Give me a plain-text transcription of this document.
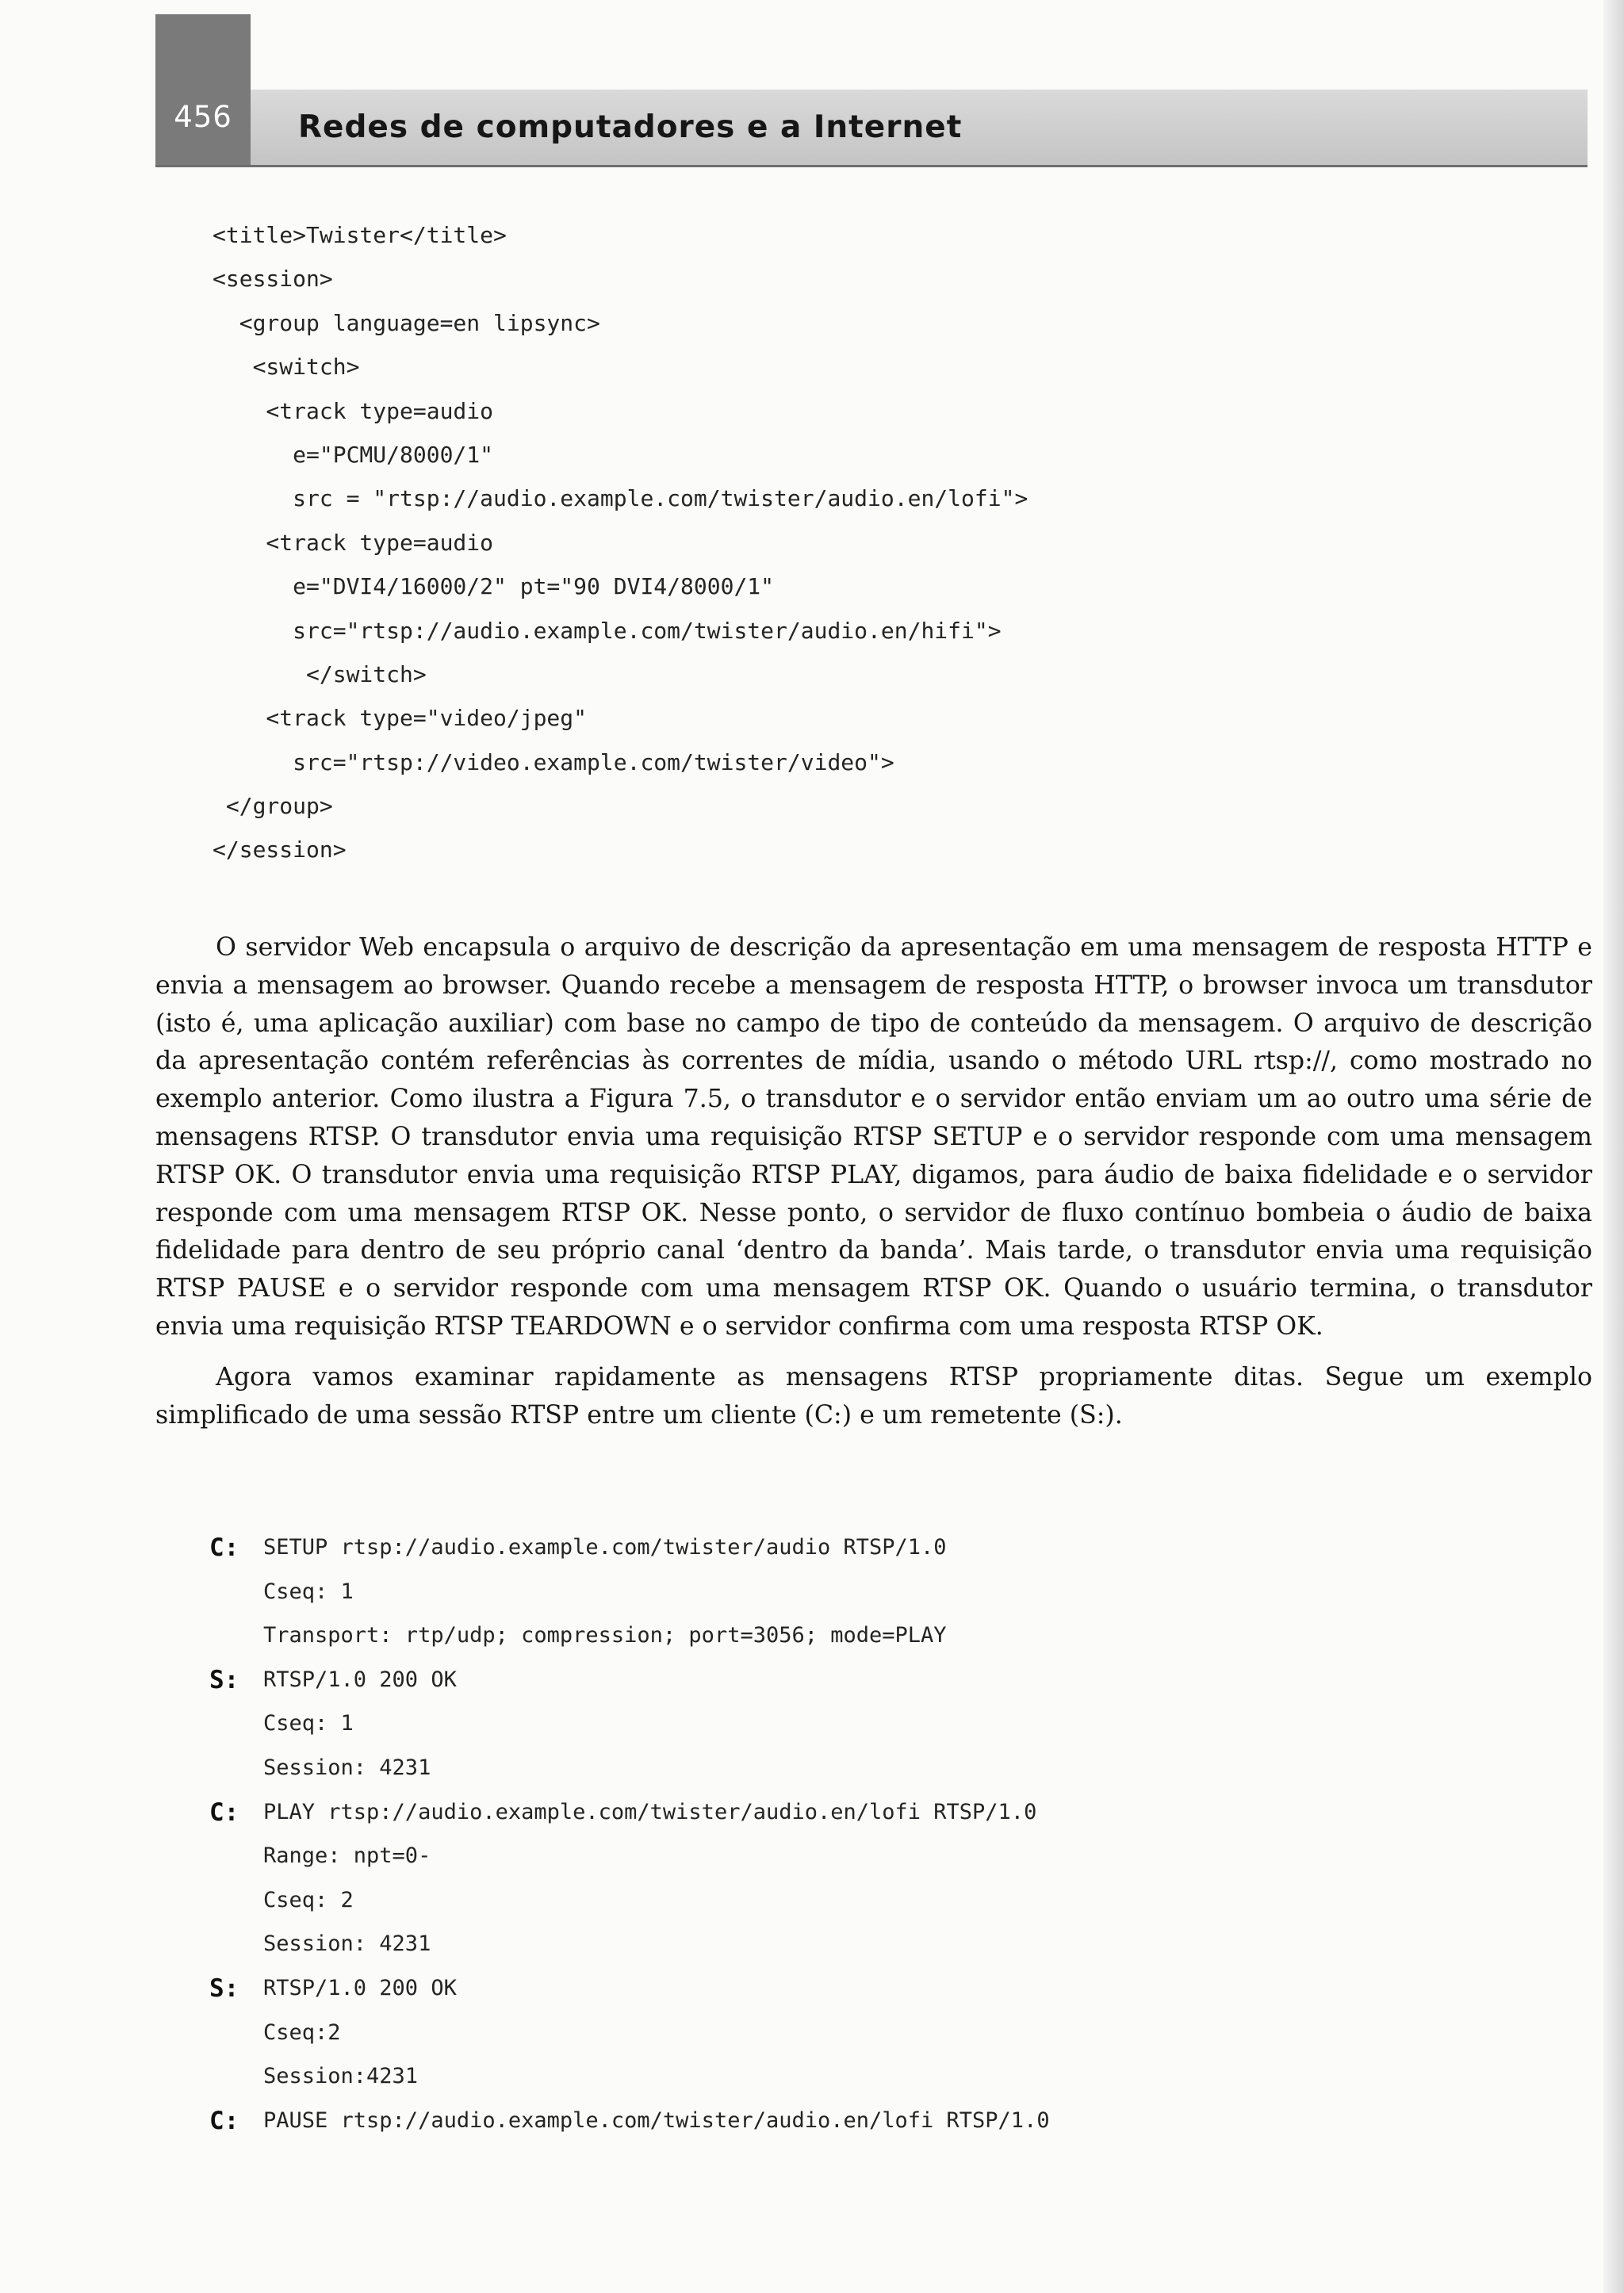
456	Redes de computadores e a Internet
<title>Twister</title>
<session>
<group language=en lipsync>
<switch>
<track type=audio
e="PCMU/8000/1"
src = "rtsp://audio.example.com/twister/audio.en/lofi">
<track type=audio
e="DVI4/16000/2" pt="90 DVI4/8000/1"
src="rtsp://audio.example.com/twister/audio.en/hifi">
</switch>
<track type="video/jpeg"
src="rtsp://video.example.com/twister/video">
</group>
</session>

O servidor Web encapsula o arquivo de descrição da apresentação em uma mensagem de resposta HTTP e envia a mensagem ao browser. Quando recebe a mensagem de resposta HTTP, o browser invoca um transdutor (isto é, uma aplicação auxiliar) com base no campo de tipo de conteúdo da mensagem. O arquivo de descrição da apresentação contém referências às correntes de mídia, usando o método URL rtsp://, como mostrado no exemplo anterior. Como ilustra a Figura 7.5, o transdutor e o servidor então enviam um ao outro uma série de mensagens RTSP. O transdutor envia uma requisição RTSP SETUP e o servidor responde com uma mensagem RTSP OK. O transdutor envia uma requisição RTSP PLAY, digamos, para áudio de baixa fidelidade e o servidor responde com uma mensagem RTSP OK. Nesse ponto, o servidor de fluxo contínuo bombeia o áudio de baixa fidelidade para dentro de seu próprio canal ‘dentro da banda’. Mais tarde, o transdutor envia uma requisição RTSP PAUSE e o servidor responde com uma mensagem RTSP OK. Quando o usuário termina, o transdutor envia uma requisição RTSP TEARDOWN e o servidor confirma com uma resposta RTSP OK.

Agora vamos examinar rapidamente as mensagens RTSP propriamente ditas. Segue um exemplo simplificado de uma sessão RTSP entre um cliente (C:) e um remetente (S:).

C: SETUP rtsp://audio.example.com/twister/audio RTSP/1.0
Cseq: 1
Transport: rtp/udp; compression; port=3056; mode=PLAY
S: RTSP/1.0 200 OK
Cseq: 1
Session: 4231
C: PLAY rtsp://audio.example.com/twister/audio.en/lofi RTSP/1.0
Range: npt=0-
Cseq: 2
Session: 4231
S: RTSP/1.0 200 OK
Cseq:2
Session:4231
C: PAUSE rtsp://audio.example.com/twister/audio.en/lofi RTSP/1.0
